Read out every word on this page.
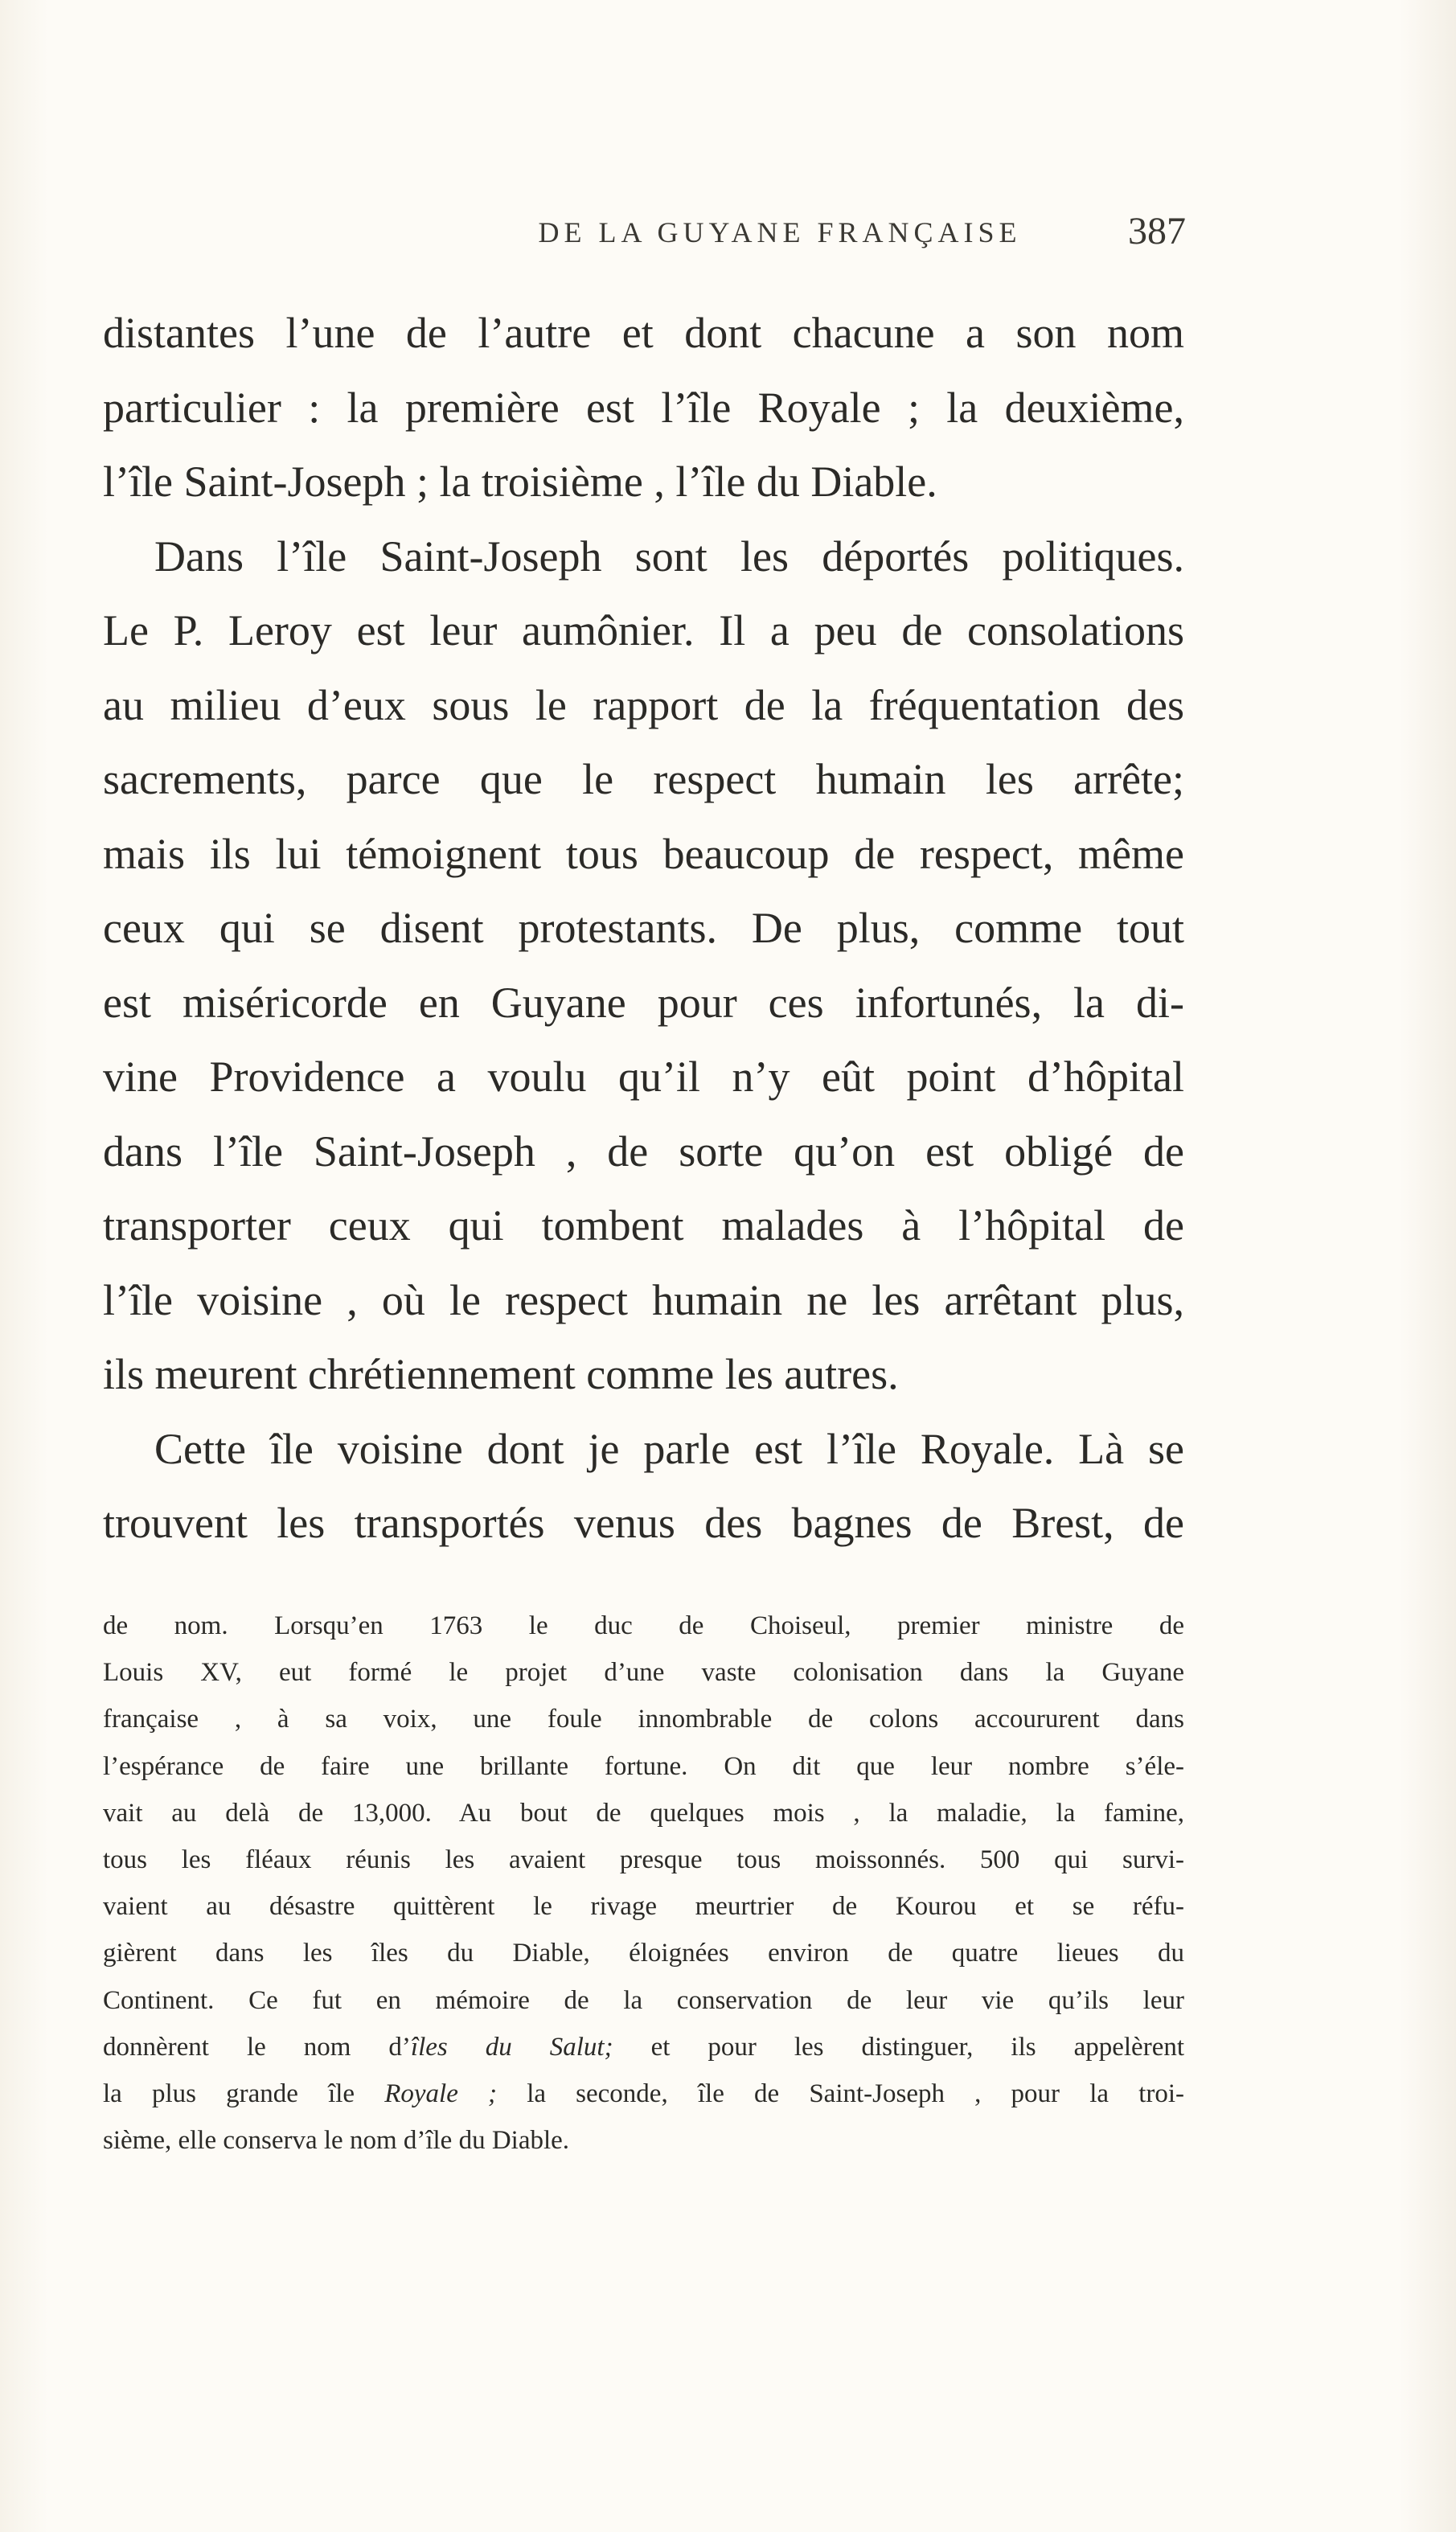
DE LA GUYANE FRANÇAISE	387
distantes l’une de l’autre et dont chacune a son nom
particulier : la première est l’île Royale ; la deuxième,
l’île Saint-Joseph ; la troisième , l’île du Diable.
Dans l’île Saint-Joseph sont les déportés politiques.
Le P. Leroy est leur aumônier. Il a peu de consolations
au milieu d’eux sous le rapport de la fréquentation des
sacrements, parce que le respect humain les arrête;
mais ils lui témoignent tous beaucoup de respect, même
ceux qui se disent protestants. De plus, comme tout
est miséricorde en Guyane pour ces infortunés, la di-
vine Providence a voulu qu’il n’y eût point d’hôpital
dans l’île Saint-Joseph , de sorte qu’on est obligé de
transporter ceux qui tombent malades à l’hôpital de
l’île voisine , où le respect humain ne les arrêtant plus,
ils meurent chrétiennement comme les autres.
Cette île voisine dont je parle est l’île Royale. Là se
trouvent les transportés venus des bagnes de Brest, de
de nom. Lorsqu’en 1763 le duc de Choiseul, premier ministre de
Louis XV, eut formé le projet d’une vaste colonisation dans la Guyane
française , à sa voix, une foule innombrable de colons accoururent dans
l’espérance de faire une brillante fortune. On dit que leur nombre s’éle-
vait au delà de 13,000. Au bout de quelques mois , la maladie, la famine,
tous les fléaux réunis les avaient presque tous moissonnés. 500 qui survi-
vaient au désastre quittèrent le rivage meurtrier de Kourou et se réfu-
gièrent dans les îles du Diable, éloignées environ de quatre lieues du
Continent. Ce fut en mémoire de la conservation de leur vie qu’ils leur
donnèrent le nom d’îles du Salut; et pour les distinguer, ils appelèrent
la plus grande île Royale ; la seconde, île de Saint-Joseph , pour la troi-
sième, elle conserva le nom d’île du Diable.
